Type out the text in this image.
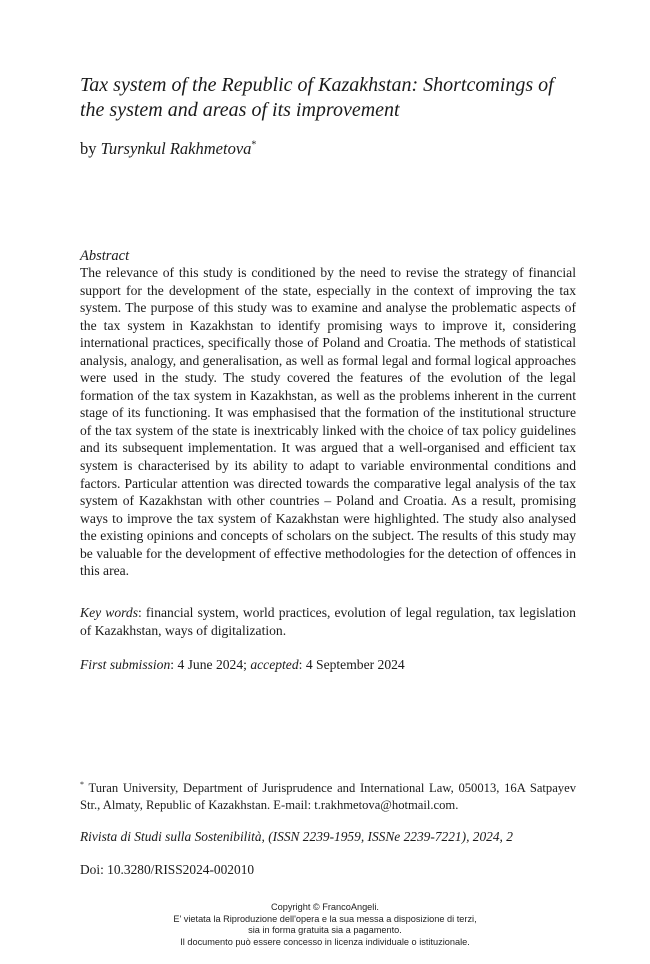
Tax system of the Republic of Kazakhstan: Shortcomings of the system and areas of its improvement

by Tursynkul Rakhmetova*

Abstract

The relevance of this study is conditioned by the need to revise the strategy of financial support for the development of the state, especially in the context of improving the tax system. The purpose of this study was to examine and analyse the problematic aspects of the tax system in Kazakhstan to identify promising ways to improve it, considering international practices, specifically those of Poland and Croatia. The methods of statistical analysis, analogy, and generalisation, as well as formal legal and formal logical approaches were used in the study. The study covered the features of the evolution of the legal formation of the tax system in Kazakhstan, as well as the problems inherent in the current stage of its functioning. It was emphasised that the formation of the institutional structure of the tax system of the state is inextricably linked with the choice of tax policy guidelines and its subsequent implementation. It was argued that a well-organised and efficient tax system is characterised by its ability to adapt to variable environmental conditions and factors. Particular attention was directed towards the comparative legal analysis of the tax system of Kazakhstan with other countries – Poland and Croatia. As a result, promising ways to improve the tax system of Kazakhstan were highlighted. The study also analysed the existing opinions and concepts of scholars on the subject. The results of this study may be valuable for the development of effective methodologies for the detection of offences in this area.

Key words: financial system, world practices, evolution of legal regulation, tax legislation of Kazakhstan, ways of digitalization.

First submission: 4 June 2024; accepted: 4 September 2024

* Turan University, Department of Jurisprudence and International Law, 050013, 16A Satpayev Str., Almaty, Republic of Kazakhstan. E-mail: t.rakhmetova@hotmail.com.

Rivista di Studi sulla Sostenibilità, (ISSN 2239-1959, ISSNe 2239-7221), 2024, 2

Doi: 10.3280/RISS2024-002010

Copyright © FrancoAngeli.
E' vietata la Riproduzione dell'opera e la sua messa a disposizione di terzi,
sia in forma gratuita sia a pagamento.
Il documento può essere concesso in licenza individuale o istituzionale.
